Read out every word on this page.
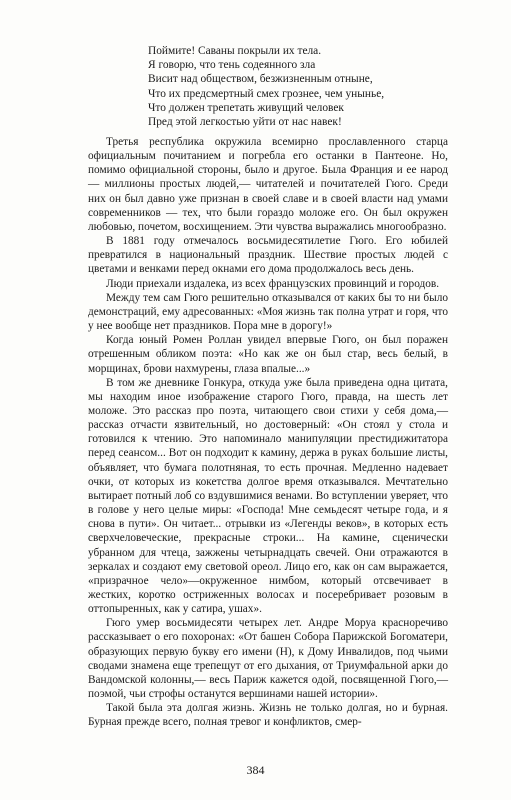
Поймите! Саваны покрыли их тела.
Я говорю, что тень содеянного зла
Висит над обществом, безжизненным отныне,
Что их предсмертный смех грознее, чем унынье,
Что должен трепетать живущий человек
Пред этой легкостью уйти от нас навек!

Третья республика окружила всемирно прославленного старца официальным почитанием и погребла его останки в Пантеоне. Но, помимо официальной стороны, было и другое. Была Франция и ее народ — миллионы простых людей,— читателей и почитателей Гюго. Среди них он был давно уже признан в своей славе и в своей власти над умами современников — тех, что были гораздо моложе его. Он был окружен любовью, почетом, восхищением. Эти чувства выражались многообразно.

В 1881 году отмечалось восьмидесятилетие Гюго. Его юбилей превратился в национальный праздник. Шествие простых людей с цветами и венками перед окнами его дома продолжалось весь день.

Люди приехали издалека, из всех французских провинций и городов.

Между тем сам Гюго решительно отказывался от каких бы то ни было демонстраций, ему адресованных: «Моя жизнь так полна утрат и горя, что у нее вообще нет праздников. Пора мне в дорогу!»

Когда юный Ромен Роллан увидел впервые Гюго, он был поражен отрешенным обликом поэта: «Но как же он был стар, весь белый, в морщинах, брови нахмурены, глаза впалые...»

В том же дневнике Гонкура, откуда уже была приведена одна цитата, мы находим иное изображение старого Гюго, правда, на шесть лет моложе. Это рассказ про поэта, читающего свои стихи у себя дома,— рассказ отчасти язвительный, но достоверный: «Он стоял у стола и готовился к чтению. Это напоминало манипуляции престидижитатора перед сеансом... Вот он подходит к камину, держа в руках большие листы, объявляет, что бумага полотняная, то есть прочная. Медленно надевает очки, от которых из кокетства долгое время отказывался. Мечтательно вытирает потный лоб со вздувшимися венами. Во вступлении уверяет, что в голове у него целые миры: «Господа! Мне семьдесят четыре года, и я снова в пути». Он читает... отрывки из «Легенды веков», в которых есть сверхчеловеческие, прекрасные строки... На камине, сценически убранном для чтеца, зажжены четырнадцать свечей. Они отражаются в зеркалах и создают ему световой ореол. Лицо его, как он сам выражается, «призрачное чело»—окруженное нимбом, который отсвечивает в жестких, коротко остриженных волосах и посеребривает розовым в оттопыренных, как у сатира, ушах».

Гюго умер восьмидесяти четырех лет. Андре Моруа красноречиво рассказывает о его похоронах: «От башен Собора Парижской Богоматери, образующих первую букву его имени (Н), к Дому Инвалидов, под чьими сводами знамена еще трепещут от его дыхания, от Триумфальной арки до Вандомской колонны,— весь Париж кажется одой, посвященной Гюго,— поэмой, чьи строфы останутся вершинами нашей истории».

Такой была эта долгая жизнь. Жизнь не только долгая, но и бурная. Бурная прежде всего, полная тревог и конфликтов, смер-

384
